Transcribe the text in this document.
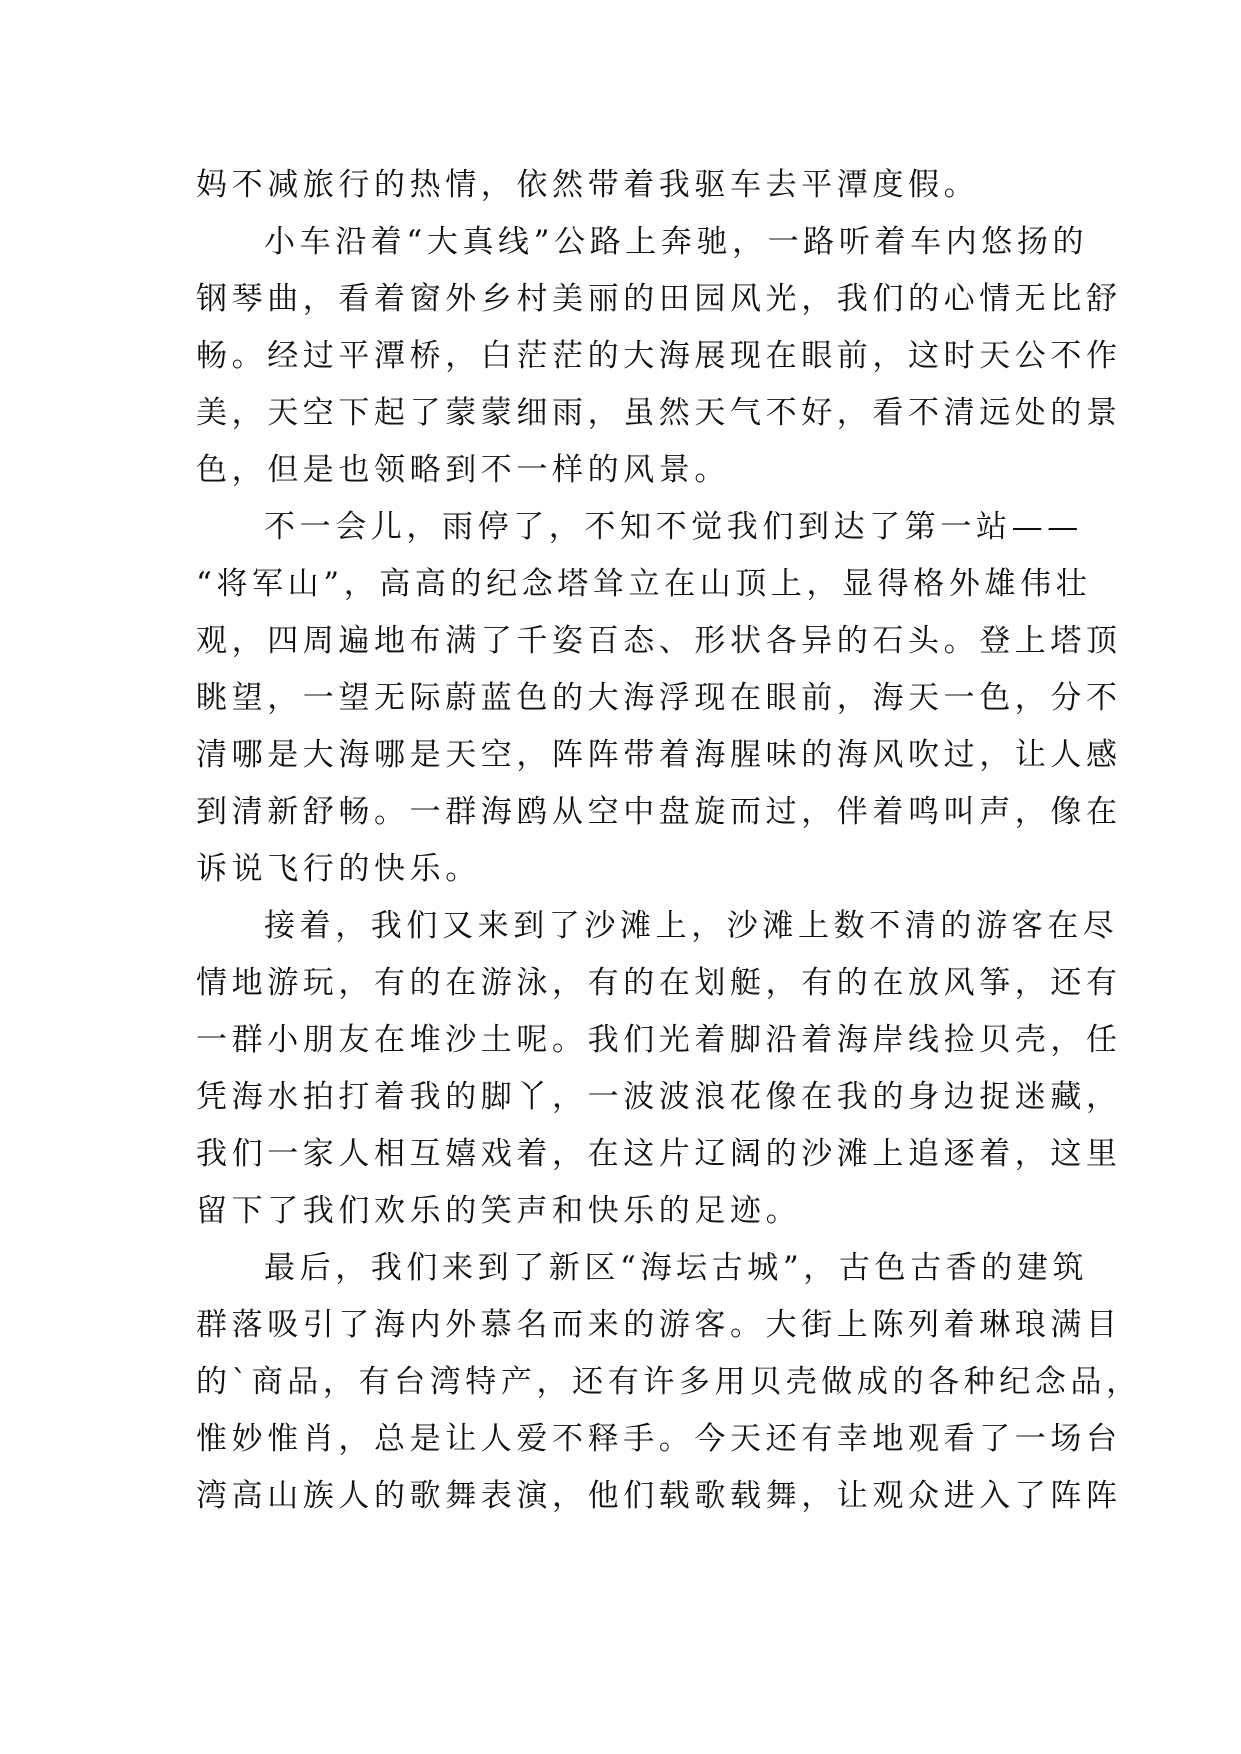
妈不减旅行的热情，依然带着我驱车去平潭度假。
小车沿着“大真线”公路上奔驰，一路听着车内悠扬的
钢琴曲，看着窗外乡村美丽的田园风光，我们的心情无比舒
畅。经过平潭桥，白茫茫的大海展现在眼前，这时天公不作
美，天空下起了蒙蒙细雨，虽然天气不好，看不清远处的景
色，但是也领略到不一样的风景。
不一会儿，雨停了，不知不觉我们到达了第一站——
“将军山”，高高的纪念塔耸立在山顶上，显得格外雄伟壮
观，四周遍地布满了千姿百态、形状各异的石头。登上塔顶
眺望，一望无际蔚蓝色的大海浮现在眼前，海天一色，分不
清哪是大海哪是天空，阵阵带着海腥味的海风吹过，让人感
到清新舒畅。一群海鸥从空中盘旋而过，伴着鸣叫声，像在
诉说飞行的快乐。
接着，我们又来到了沙滩上，沙滩上数不清的游客在尽
情地游玩，有的在游泳，有的在划艇，有的在放风筝，还有
一群小朋友在堆沙土呢。我们光着脚沿着海岸线捡贝壳，任
凭海水拍打着我的脚丫，一波波浪花像在我的身边捉迷藏，
我们一家人相互嬉戏着，在这片辽阔的沙滩上追逐着，这里
留下了我们欢乐的笑声和快乐的足迹。
最后，我们来到了新区“海坛古城”，古色古香的建筑
群落吸引了海内外慕名而来的游客。大街上陈列着琳琅满目
的`商品，有台湾特产，还有许多用贝壳做成的各种纪念品，
惟妙惟肖，总是让人爱不释手。今天还有幸地观看了一场台
湾高山族人的歌舞表演，他们载歌载舞，让观众进入了阵阵
